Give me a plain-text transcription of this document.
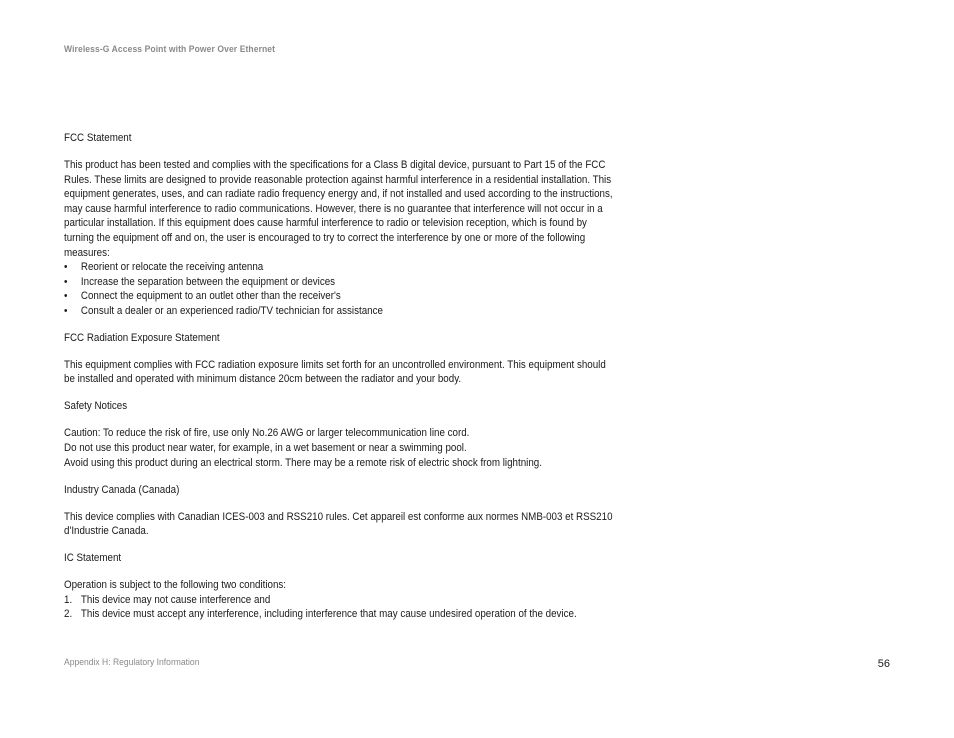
Wireless-G Access Point with Power Over Ethernet

FCC Statement

This product has been tested and complies with the specifications for a Class B digital device, pursuant to Part 15 of the FCC Rules. These limits are designed to provide reasonable protection against harmful interference in a residential installation. This equipment generates, uses, and can radiate radio frequency energy and, if not installed and used according to the instructions, may cause harmful interference to radio communications. However, there is no guarantee that interference will not occur in a particular installation. If this equipment does cause harmful interference to radio or television reception, which is found by turning the equipment off and on, the user is encouraged to try to correct the interference by one or more of the following measures:

• Reorient or relocate the receiving antenna
• Increase the separation between the equipment or devices
• Connect the equipment to an outlet other than the receiver's
• Consult a dealer or an experienced radio/TV technician for assistance

FCC Radiation Exposure Statement

This equipment complies with FCC radiation exposure limits set forth for an uncontrolled environment. This equipment should be installed and operated with minimum distance 20cm between the radiator and your body.

Safety Notices

Caution: To reduce the risk of fire, use only No.26 AWG or larger telecommunication line cord.

Do not use this product near water, for example, in a wet basement or near a swimming pool.

Avoid using this product during an electrical storm. There may be a remote risk of electric shock from lightning.

Industry Canada (Canada)

This device complies with Canadian ICES-003 and RSS210 rules. Cet appareil est conforme aux normes NMB-003 et RSS210 d'Industrie Canada.

IC Statement

Operation is subject to the following two conditions:

1. This device may not cause interference and
2. This device must accept any interference, including interference that may cause undesired operation of the device.
Appendix H: Regulatory Information	56
